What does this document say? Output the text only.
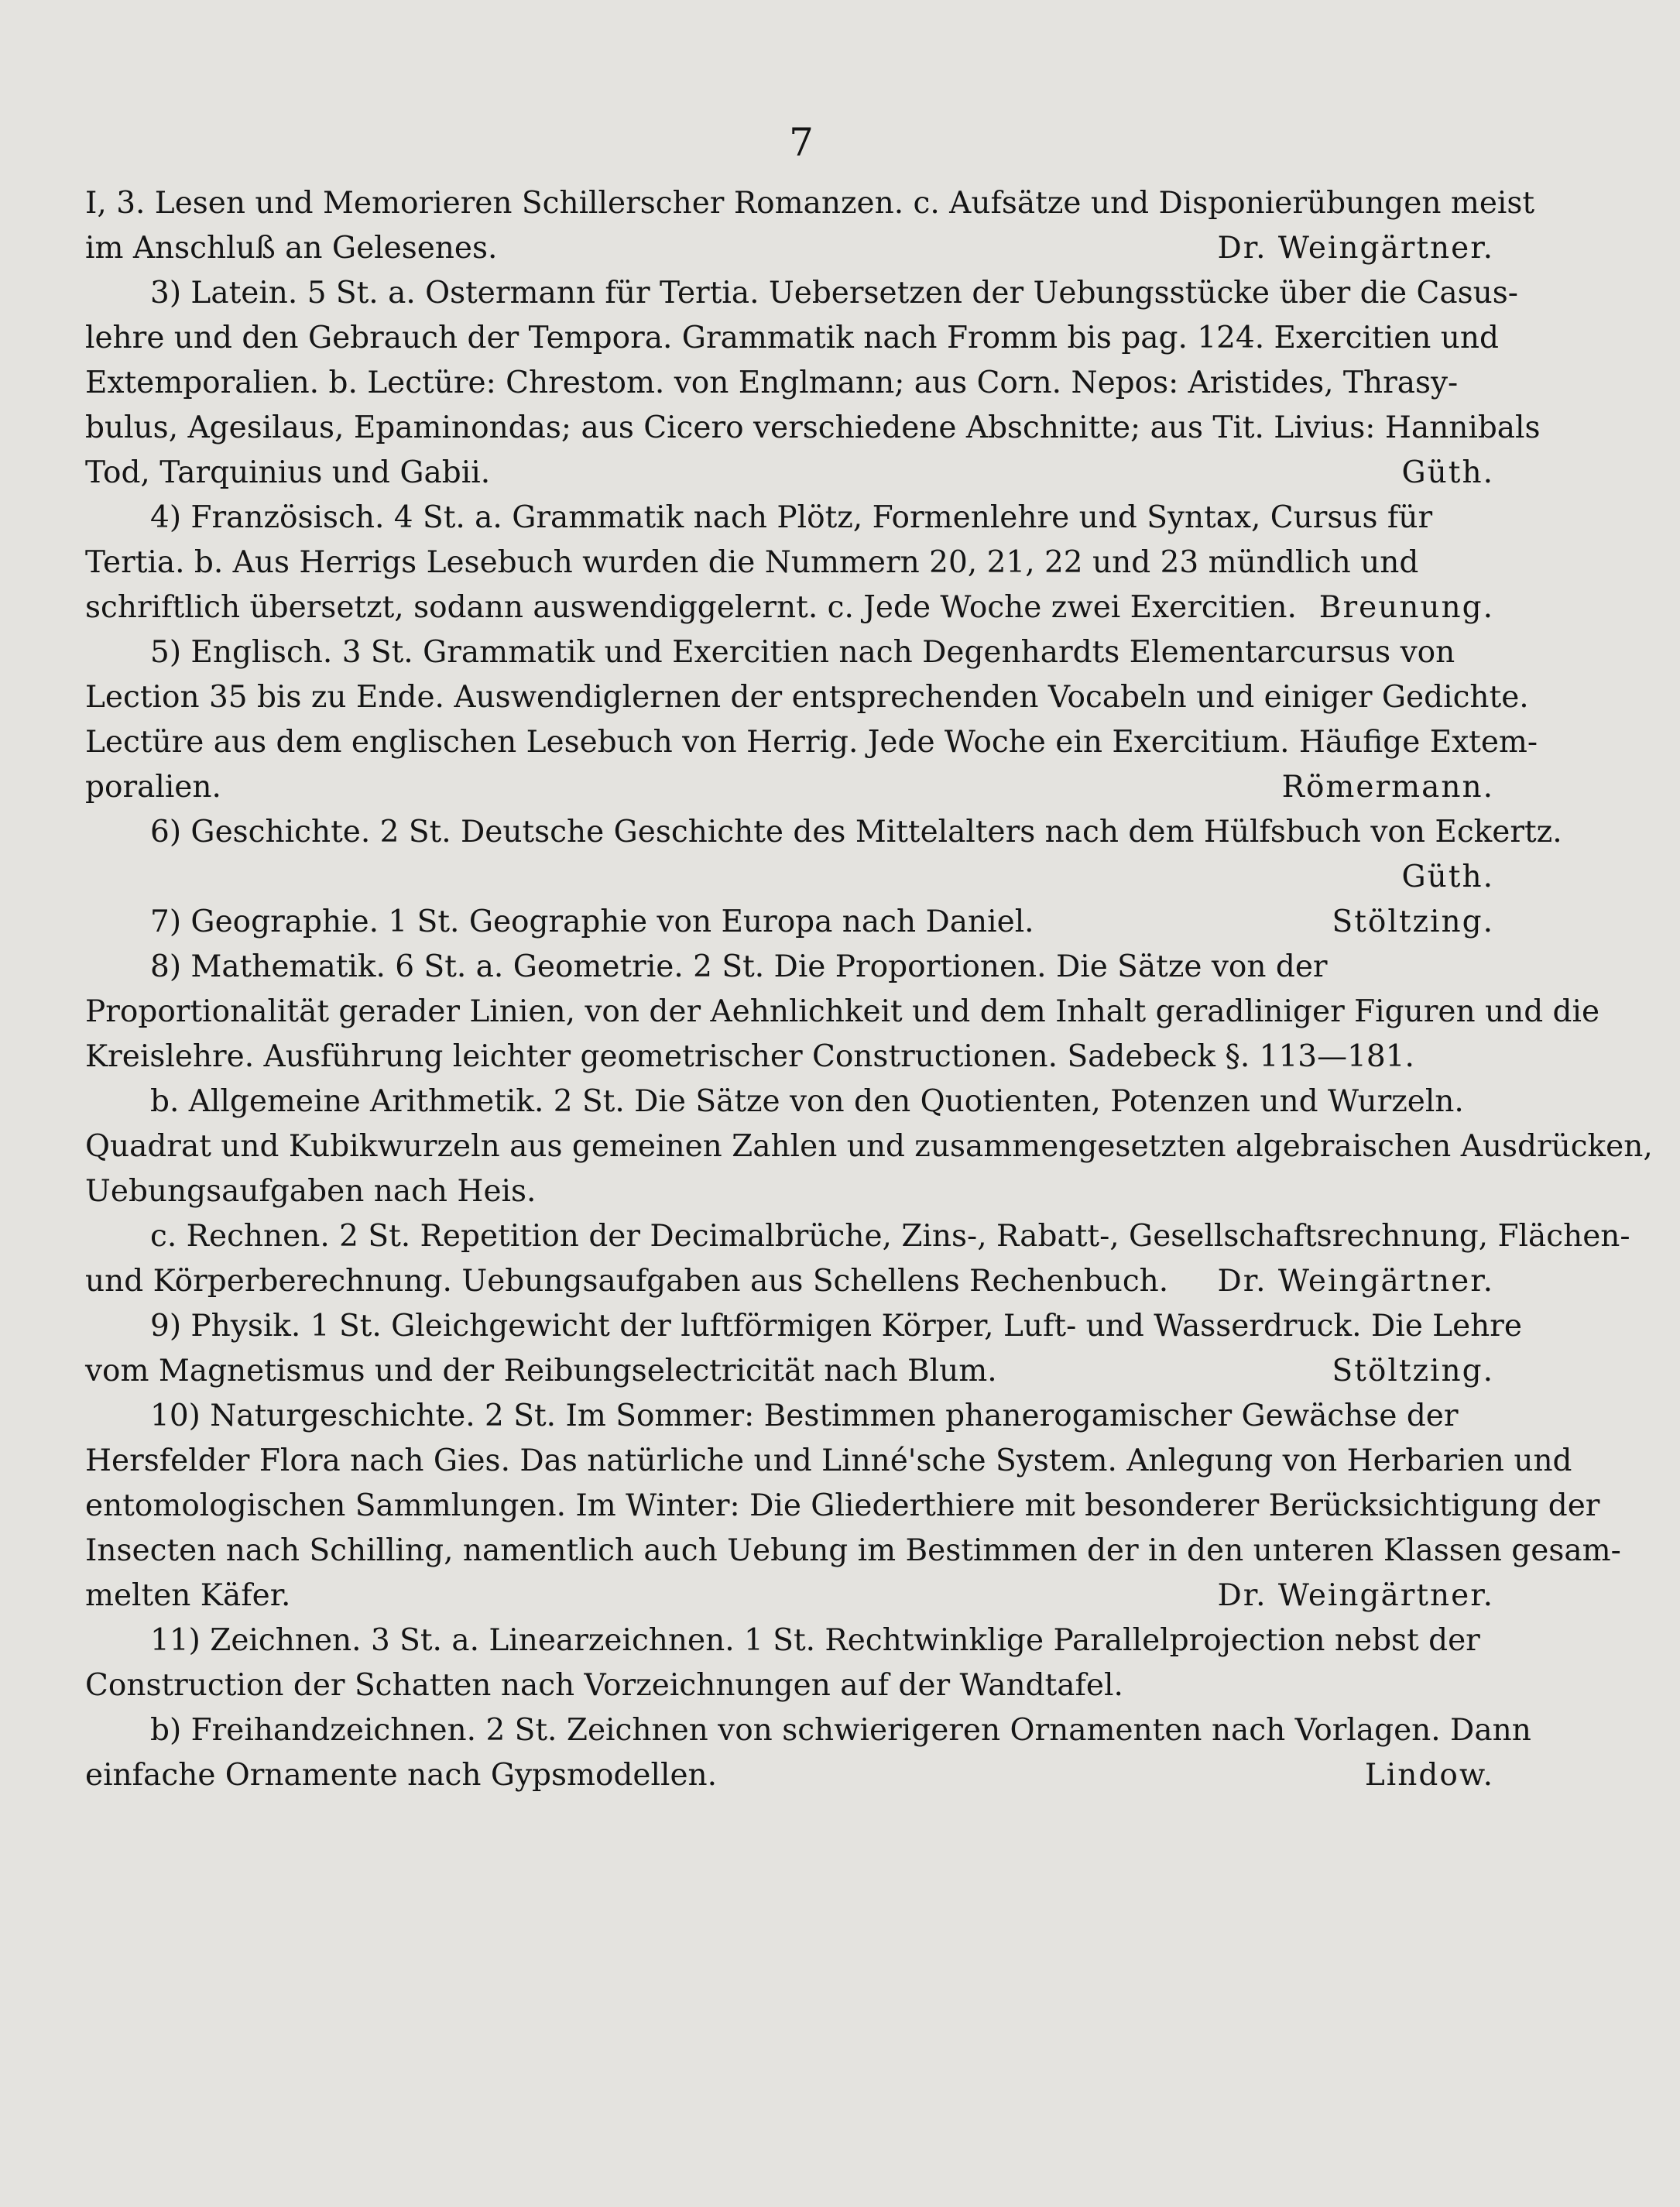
7

I, 3. Lesen und Memorieren Schillerscher Romanzen. c. Aufsätze und Disponierübungen meist
im Anschluß an Gelesenes.	Dr. Weingärtner.
3) Latein. 5 St. a. Ostermann für Tertia. Uebersetzen der Uebungsstücke über die Casus-
lehre und den Gebrauch der Tempora. Grammatik nach Fromm bis pag. 124. Exercitien und
Extemporalien. b. Lectüre: Chrestom. von Englmann; aus Corn. Nepos: Aristides, Thrasy-
bulus, Agesilaus, Epaminondas; aus Cicero verschiedene Abschnitte; aus Tit. Livius: Hannibals
Tod, Tarquinius und Gabii.	Güth.
4) Französisch. 4 St. a. Grammatik nach Plötz, Formenlehre und Syntax, Cursus für
Tertia. b. Aus Herrigs Lesebuch wurden die Nummern 20, 21, 22 und 23 mündlich und
schriftlich übersetzt, sodann auswendiggelernt. c. Jede Woche zwei Exercitien. Breunung.
5) Englisch. 3 St. Grammatik und Exercitien nach Degenhardts Elementarcursus von
Lection 35 bis zu Ende. Auswendiglernen der entsprechenden Vocabeln und einiger Gedichte.
Lectüre aus dem englischen Lesebuch von Herrig. Jede Woche ein Exercitium. Häufige Extem-
poralien.	Römermann.
6) Geschichte. 2 St. Deutsche Geschichte des Mittelalters nach dem Hülfsbuch von Eckertz.
Güth.
7) Geographie. 1 St. Geographie von Europa nach Daniel.	Stöltzing.
8) Mathematik. 6 St. a. Geometrie. 2 St. Die Proportionen. Die Sätze von der
Proportionalität gerader Linien, von der Aehnlichkeit und dem Inhalt geradliniger Figuren und die
Kreislehre. Ausführung leichter geometrischer Constructionen. Sadebeck §. 113—181.
b. Allgemeine Arithmetik. 2 St. Die Sätze von den Quotienten, Potenzen und Wurzeln.
Quadrat und Kubikwurzeln aus gemeinen Zahlen und zusammengesetzten algebraischen Ausdrücken,
Uebungsaufgaben nach Heis.
c. Rechnen. 2 St. Repetition der Decimalbrüche, Zins-, Rabatt-, Gesellschaftsrechnung, Flächen-
und Körperberechnung. Uebungsaufgaben aus Schellens Rechenbuch.	Dr. Weingärtner.
9) Physik. 1 St. Gleichgewicht der luftförmigen Körper, Luft- und Wasserdruck. Die Lehre
vom Magnetismus und der Reibungselectricität nach Blum.	Stöltzing.
10) Naturgeschichte. 2 St. Im Sommer: Bestimmen phanerogamischer Gewächse der
Hersfelder Flora nach Gies. Das natürliche und Linné'sche System. Anlegung von Herbarien und
entomologischen Sammlungen. Im Winter: Die Gliederthiere mit besonderer Berücksichtigung der
Insecten nach Schilling, namentlich auch Uebung im Bestimmen der in den unteren Klassen gesam-
melten Käfer.	Dr. Weingärtner.
11) Zeichnen. 3 St. a. Linearzeichnen. 1 St. Rechtwinklige Parallelprojection nebst der
Construction der Schatten nach Vorzeichnungen auf der Wandtafel.
b) Freihandzeichnen. 2 St. Zeichnen von schwierigeren Ornamenten nach Vorlagen. Dann
einfache Ornamente nach Gypsmodellen.	Lindow.
